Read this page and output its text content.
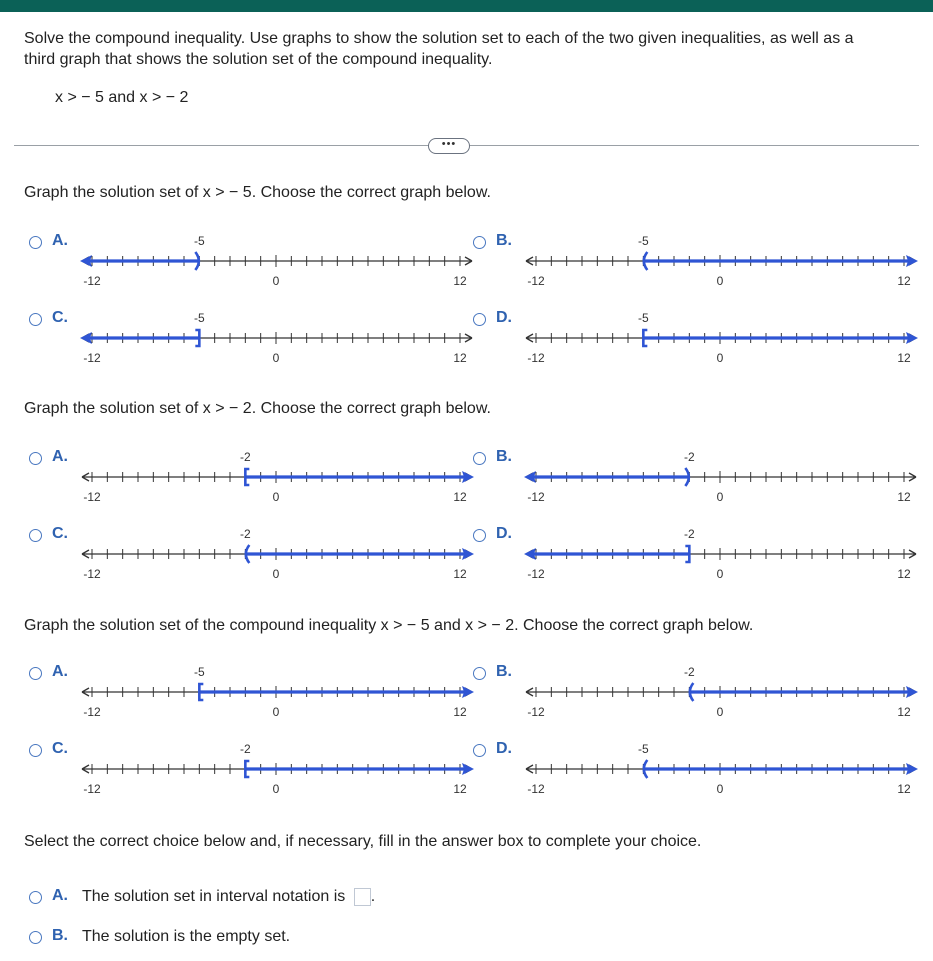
Solve the compound inequality. Use graphs to show the solution set to each of the two given inequalities, as well as a
third graph that shows the solution set of the compound inequality.
x > − 5 and x > − 2
•••
Graph the solution set of x > − 5. Choose the correct graph below.
Graph the solution set of x > − 2. Choose the correct graph below.
Graph the solution set of the compound inequality x > − 5 and x > − 2. Choose the correct graph below.
A.
-12	0	12
-5	B.
-12	0	12
-5
C.
-12	0	12
-5	D.
-12	0	12
-5
A.
-12	0	12
-2	B.
-12	0	12
-2
C.
-12	0	12
-2	D.
-12	0	12
-2
A.
-12	0	12
-5	B.
-12	0	12
-2
C.
-12	0	12
-2	D.
-12	0	12
-5
Select the correct choice below and, if necessary, fill in the answer box to complete your choice.
A. The solution set in interval notation is .
B. The solution is the empty set.
